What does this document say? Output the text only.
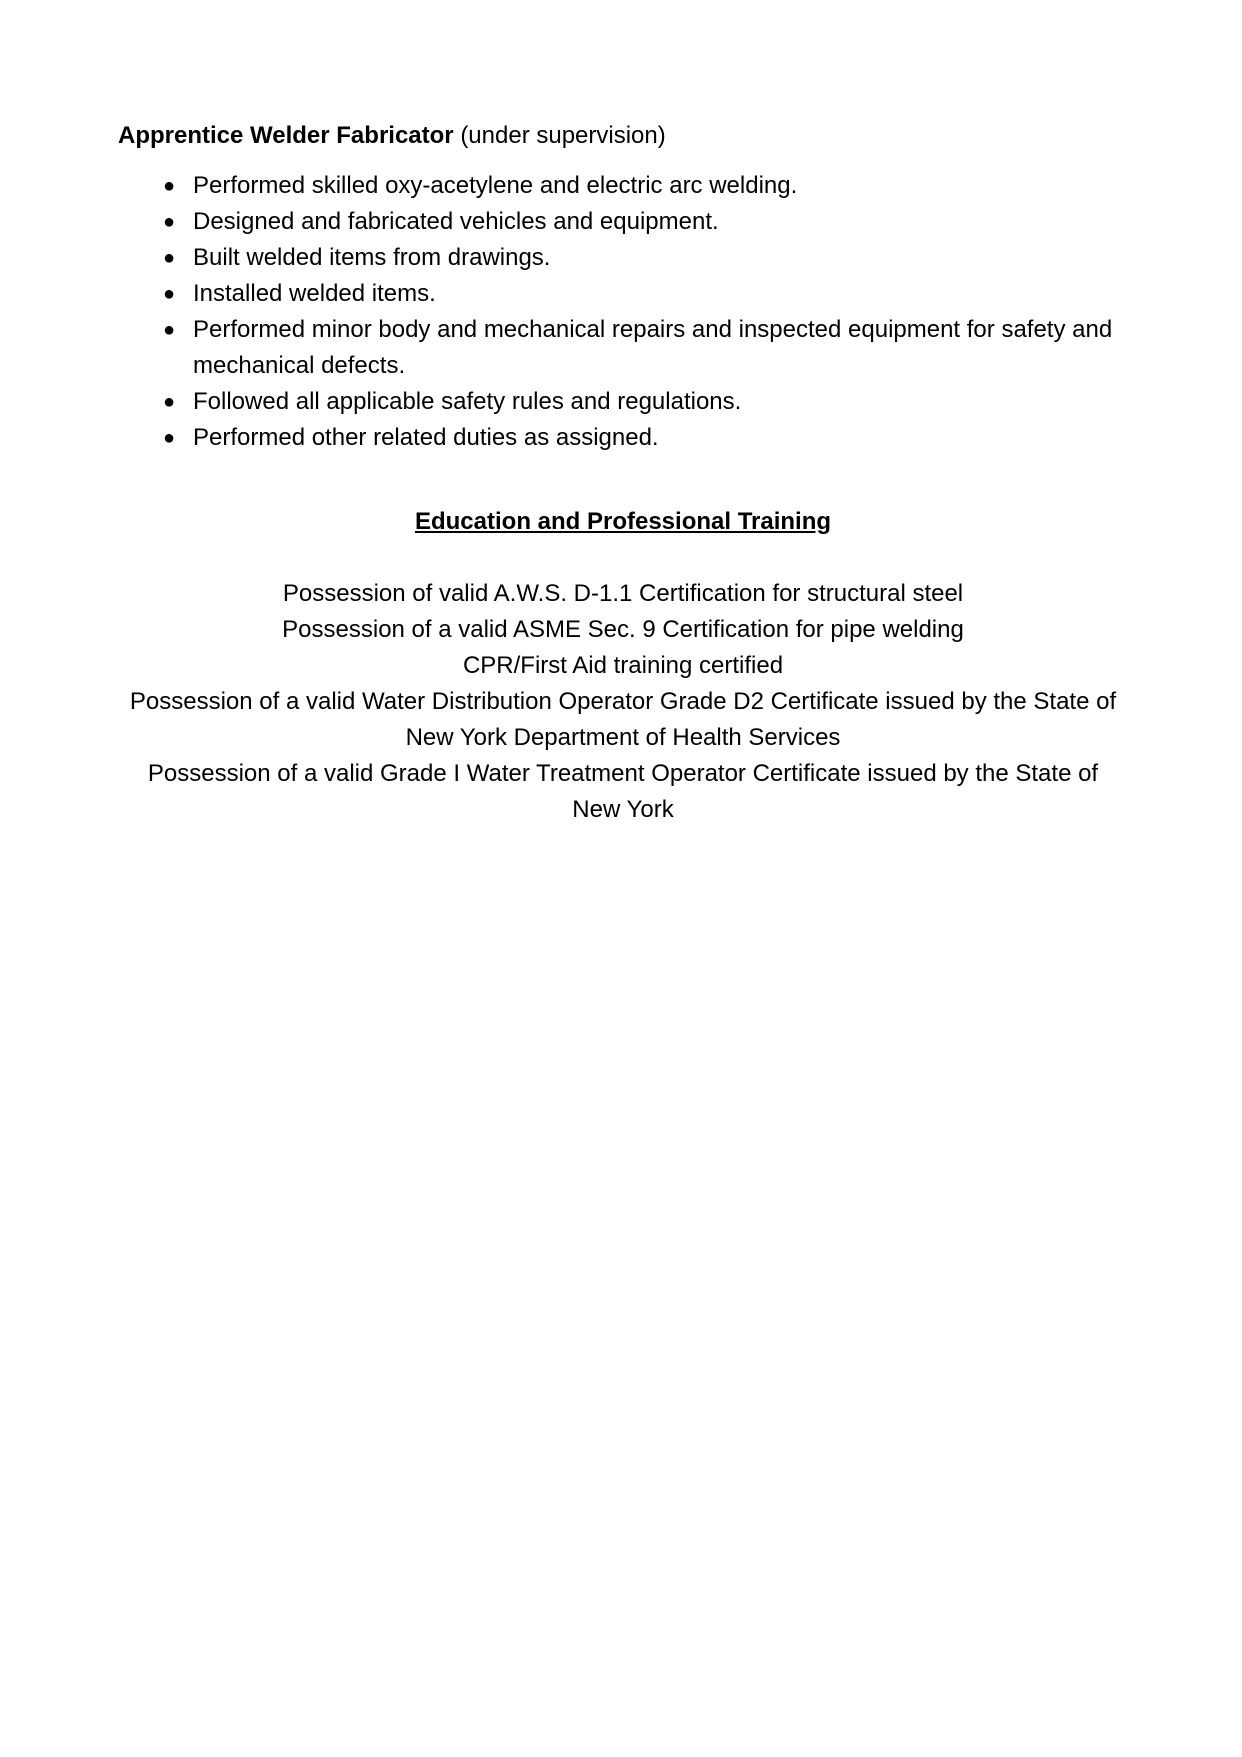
Apprentice Welder Fabricator (under supervision)
● Performed skilled oxy-acetylene and electric arc welding.
● Designed and fabricated vehicles and equipment.
● Built welded items from drawings.
● Installed welded items.
● Performed minor body and mechanical repairs and inspected equipment for safety and mechanical defects.
● Followed all applicable safety rules and regulations.
● Performed other related duties as assigned.
Education and Professional Training
Possession of valid A.W.S. D-1.1 Certification for structural steel
Possession of a valid ASME Sec. 9 Certification for pipe welding
CPR/First Aid training certified
Possession of a valid Water Distribution Operator Grade D2 Certificate issued by the State of New York Department of Health Services
Possession of a valid Grade I Water Treatment Operator Certificate issued by the State of New York
